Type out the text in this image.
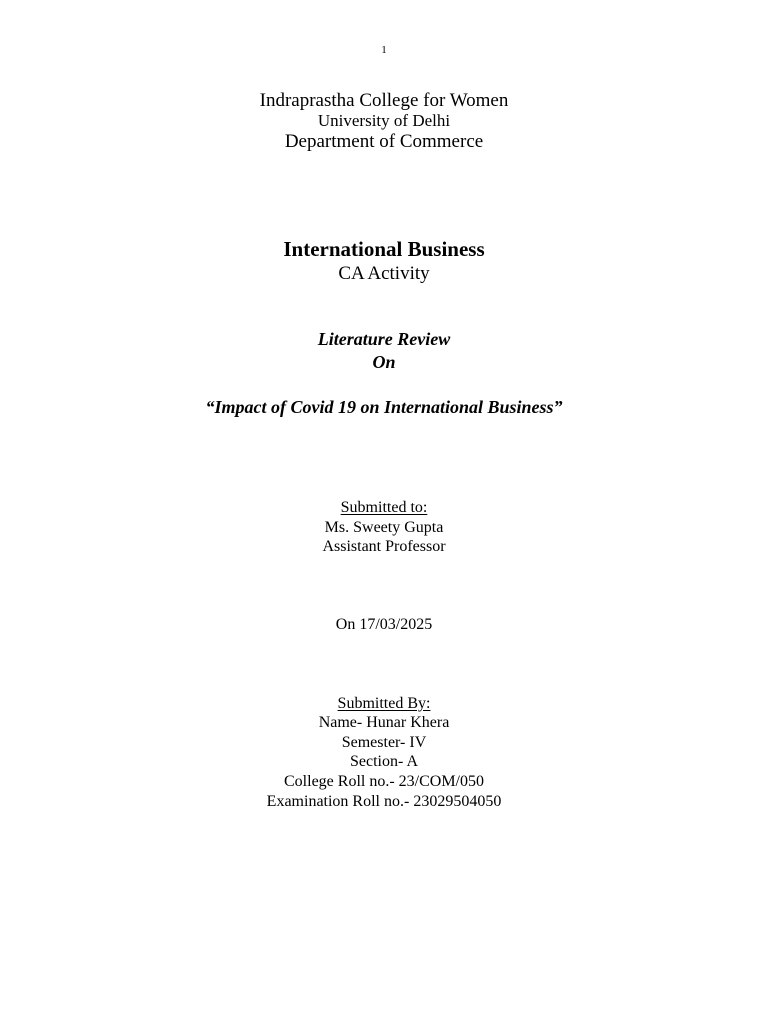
1
Indraprastha College for Women
University of Delhi
Department of Commerce
International Business
CA Activity
Literature Review
On
“Impact of Covid 19 on International Business”
Submitted to:
Ms. Sweety Gupta
Assistant Professor
On 17/03/2025
Submitted By:
Name- Hunar Khera
Semester- IV
Section- A
College Roll no.- 23/COM/050
Examination Roll no.- 23029504050
